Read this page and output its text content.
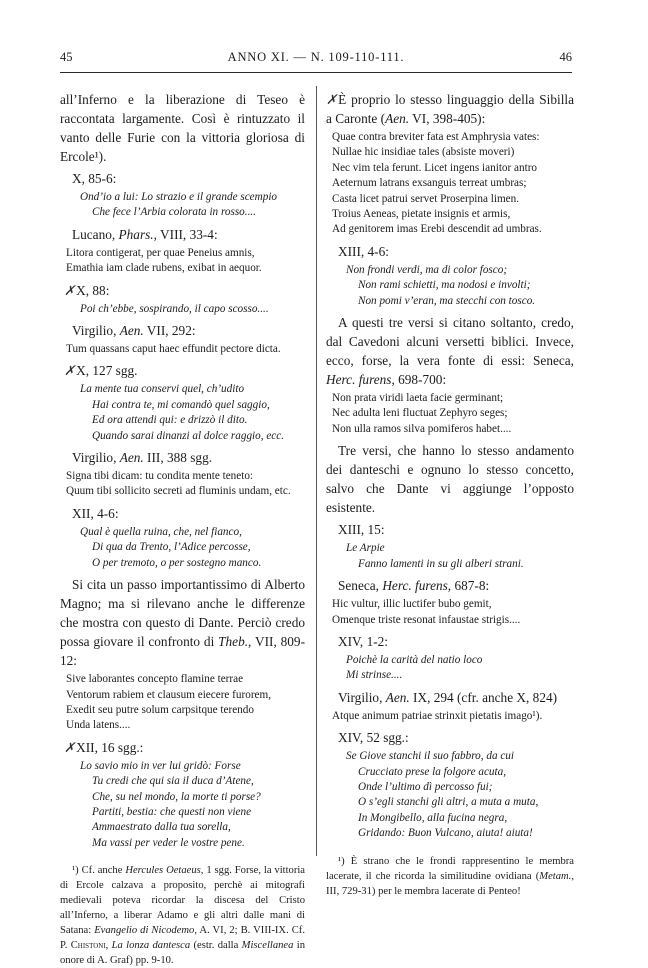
45	ANNO XI. — N. 109-110-111.	46

all’Inferno e la liberazione di Teseo è raccontata largamente. Così è rintuzzato il vanto delle Furie con la vittoria gloriosa di Ercole¹).

X, 85-6:

Ond’io a lui: Lo strazio e il grande scempio
Che fece l’Arbia colorata in rosso....

Lucano, Phars., VIII, 33-4:

Litora contigerat, per quae Peneius amnis,
Emathia iam clade rubens, exibat in aequor.

✗X, 88:

Poi ch’ebbe, sospirando, il capo scosso....

Virgilio, Aen. VII, 292:

Tum quassans caput haec effundit pectore dicta.

✗X, 127 sgg.

La mente tua conservi quel, ch’udito
Hai contra te, mi comandò quel saggio,
Ed ora attendi qui: e drizzò il dito.
Quando sarai dinanzi al dolce raggio, ecc.

Virgilio, Aen. III, 388 sgg.

Signa tibi dicam: tu condita mente teneto:
Quum tibi sollicito secreti ad fluminis undam, etc.

XII, 4-6:

Qual è quella ruina, che, nel fianco,
Di qua da Trento, l’Adice percosse,
O per tremoto, o per sostegno manco.

Si cita un passo importantissimo di Alberto Magno; ma si rilevano anche le differenze che mostra con questo di Dante. Perciò credo possa giovare il confronto di Theb., VII, 809-12:

Sive laborantes concepto flamine terrae
Ventorum rabiem et clausum eiecere furorem,
Exedit seu putre solum carpsitque terendo
Unda latens....

✗XII, 16 sgg.:

Lo savio mio in ver lui gridò: Forse
Tu credi che qui sia il duca d’Atene,
Che, su nel mondo, la morte ti porse?
Partiti, bestia: che questi non viene
Ammaestrato dalla tua sorella,
Ma vassi per veder le vostre pene.

¹) Cf. anche Hercules Oetaeus, 1 sgg. Forse, la vittoria di Ercole calzava a proposito, perchè ai mitografi medievali poteva ricordar la discesa del Cristo all’Inferno, a liberar Adamo e gli altri dalle mani di Satana: Evangelio di Nicodemo, A. VI, 2; B. VIII-IX. Cf. P. Chistoni, La lonza dantesca (estr. dalla Miscellanea in onore di A. Graf) pp. 9-10.

✗È proprio lo stesso linguaggio della Sibilla a Caronte (Aen. VI, 398-405):

Quae contra breviter fata est Amphrysia vates:
Nullae hic insidiae tales (absiste moveri)
Nec vim tela ferunt. Licet ingens ianitor antro
Aeternum latrans exsanguis terreat umbras;
Casta licet patrui servet Proserpina limen.
Troius Aeneas, pietate insignis et armis,
Ad genitorem imas Erebi descendit ad umbras.

XIII, 4-6:

Non frondi verdi, ma di color fosco;
Non rami schietti, ma nodosi e involti;
Non pomi v’eran, ma stecchi con tosco.

A questi tre versi si citano soltanto, credo, dal Cavedoni alcuni versetti biblici. Invece, ecco, forse, la vera fonte di essi: Seneca, Herc. furens, 698-700:

Non prata viridi laeta facie germinant;
Nec adulta leni fluctuat Zephyro seges;
Non ulla ramos silva pomiferos habet....

Tre versi, che hanno lo stesso andamento dei danteschi e ognuno lo stesso concetto, salvo che Dante vi aggiunge l’opposto esistente.

XIII, 15:

Le Arpie
Fanno lamenti in su gli alberi strani.

Seneca, Herc. furens, 687-8:

Hic vultur, illic luctifer bubo gemit,
Omenque triste resonat infaustae strigis....

XIV, 1-2:

Poichè la carità del natio loco
Mi strinse....

Virgilio, Aen. IX, 294 (cfr. anche X, 824)

Atque animum patriae strinxit pietatis imago¹).

XIV, 52 sgg.:

Se Giove stanchi il suo fabbro, da cui
Crucciato prese la folgore acuta,
Onde l’ultimo dì percosso fui;
O s’egli stanchi gli altri, a muta a muta,
In Mongibello, alla fucina negra,
Gridando: Buon Vulcano, aiuta! aiuta!

¹) È strano che le frondi rappresentino le membra lacerate, il che ricorda la similitudine ovidiana (Metam., III, 729-31) per le membra lacerate di Penteo!
